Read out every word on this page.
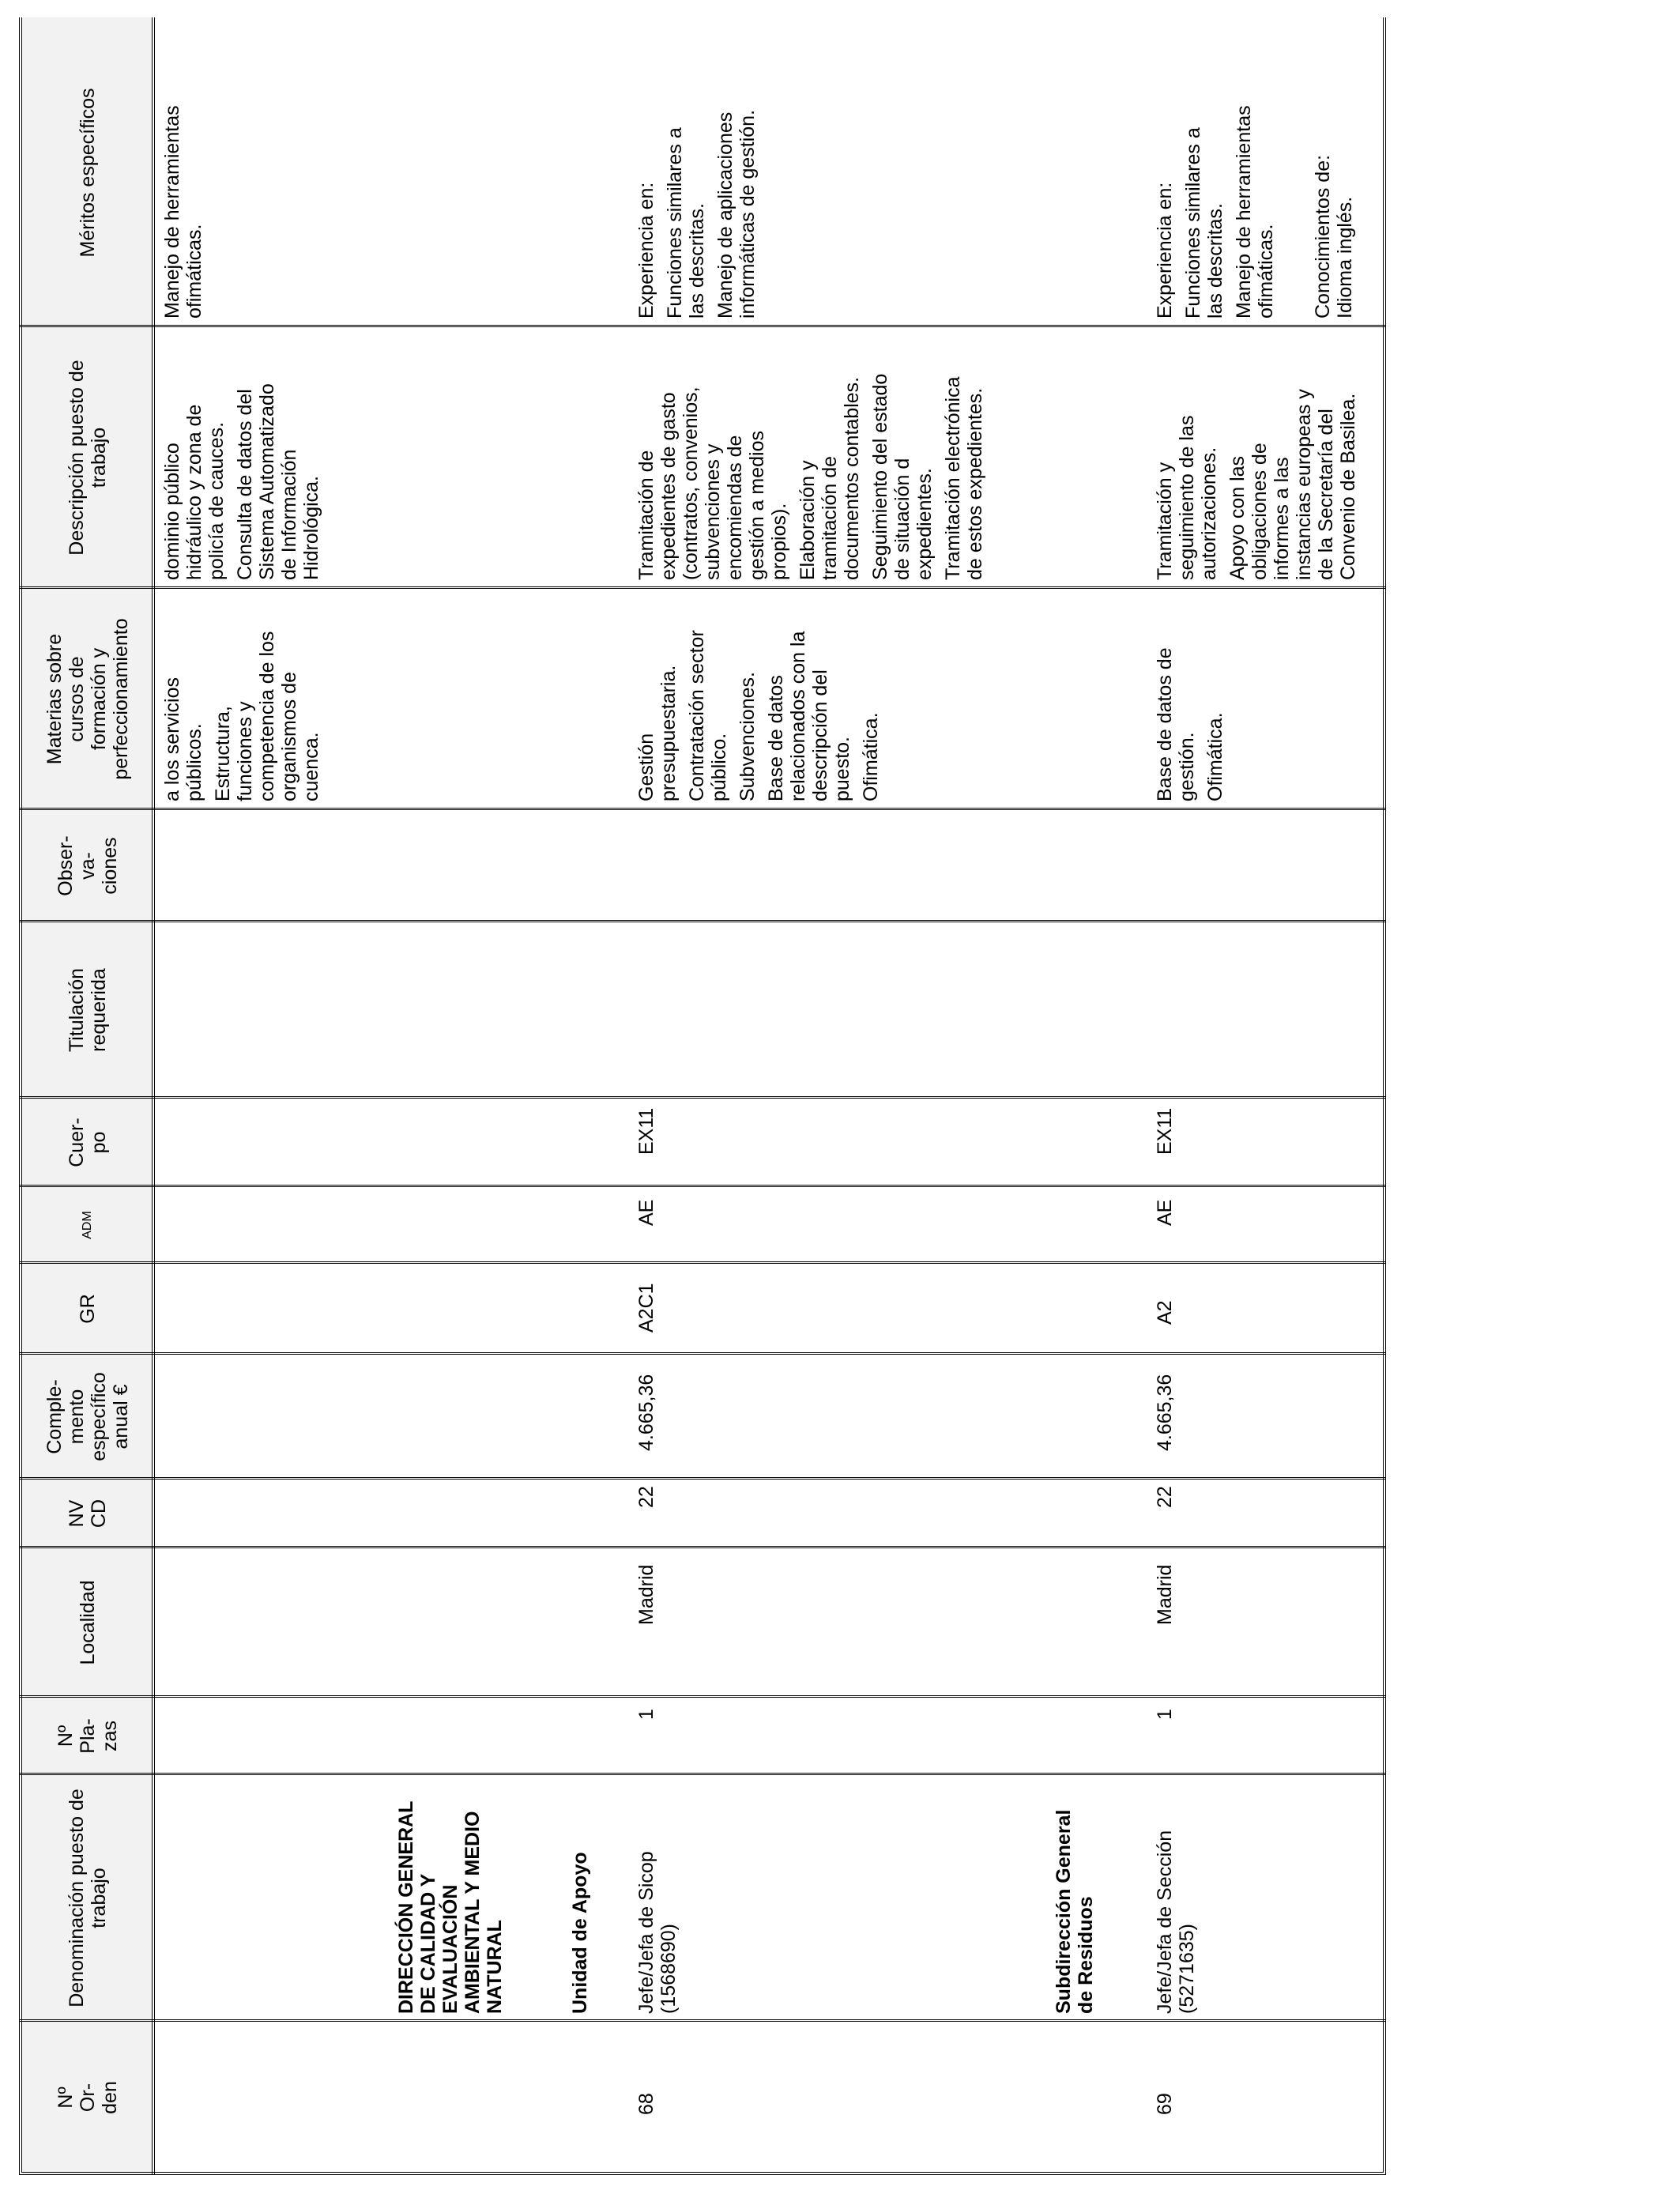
Nº
Or-
den
Denominación puesto de
trabajo
Nº
Pla-
zas
Localidad
NV
CD
Comple-
mento
específico
anual €
GR
ADM
Cuer-
po
Titulación
requerida
Obser-
va-
ciones
Materias sobre
cursos de
formación y
perfeccionamiento
Descripción puesto de
trabajo
Méritos específicos

a los servicios
públicos. Estructura,
funciones y
competencia de los
organismos de
cuenca.

dominio público
hidráulico y zona de
policía de cauces.

Consulta de datos del
Sistema Automatizado
de Información
Hidrológica.

Manejo de herramientas
ofimáticas.

DIRECCIÓN GENERAL
DE CALIDAD Y
EVALUACIÓN
AMBIENTAL Y MEDIO
NATURAL	Unidad de Apoyo
68
Jefe/Jefa de Sicop
(1568690)
1
Madrid
22
4.665,36
A2C1
AE
EX11

Gestión
presupuestaria. Contratación sector
público. Subvenciones. Base de datos
relacionados con la
descripción del
puesto. Ofimática.

Tramitación de
expedientes de gasto
(contratos, convenios,
subvenciones y
encomiendas de
gestión a medios
propios). Elaboración y
tramitación de
documentos contables.

Seguimiento del estado
de situación d
expedientes. Tramitación electrónica
de estos expedientes.

Experiencia en: Funciones similares a
las descritas. Manejo de aplicaciones
informáticas de gestión.

Subdirección General
de Residuos
69
Jefe/Jefa de Sección
(5271635)
1
Madrid
22
4.665,36
A2
AE
EX11

Base de datos de
gestión. Ofimática.

Tramitación y
seguimiento de las
autorizaciones. Apoyo con las
obligaciones de
informes a las
instancias europeas y
de la Secretaría del
Convenio de Basilea.

Experiencia en: Funciones similares a
las descritas. Manejo de herramientas
ofimáticas. Conocimientos de: Idioma inglés.
